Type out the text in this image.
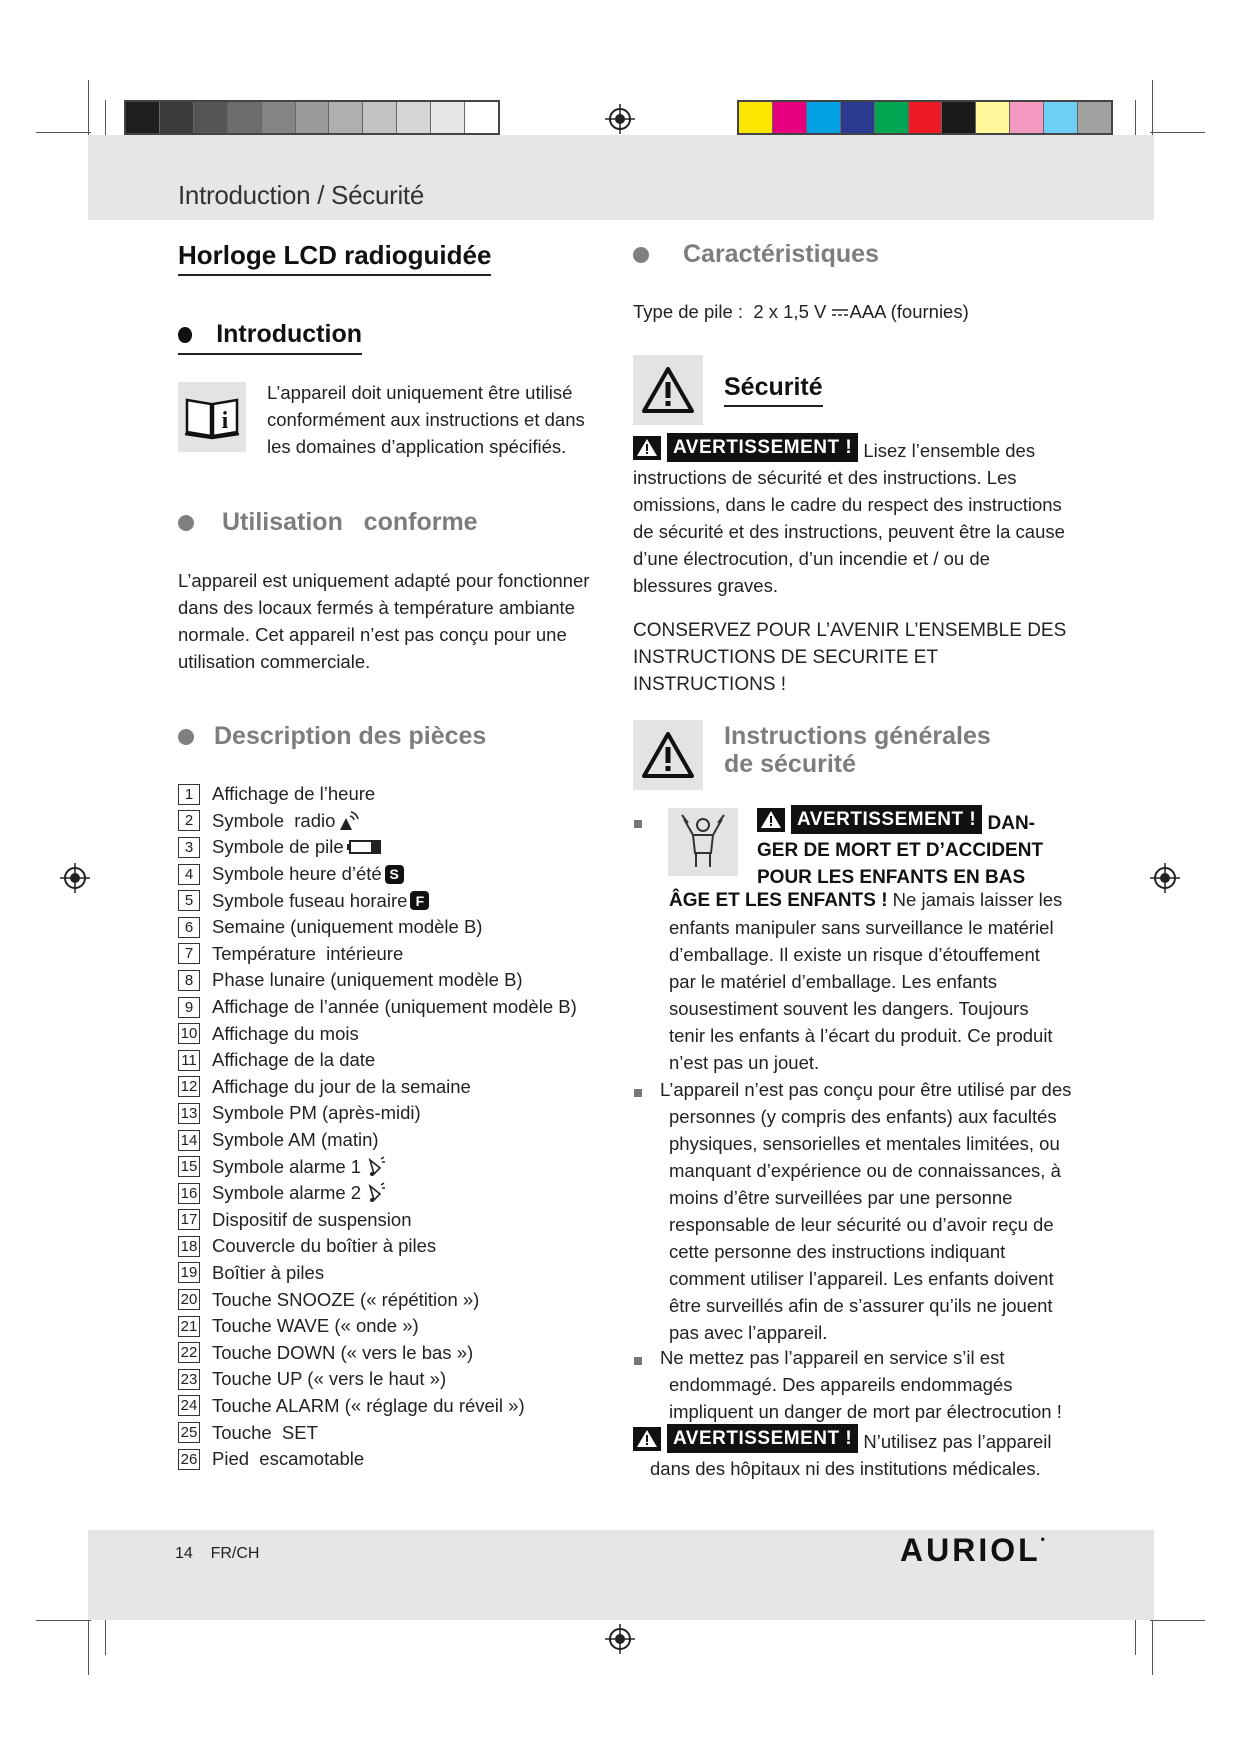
Introduction / Sécurité
Horloge LCD radioguidée
Introduction
i
L’appareil doit uniquement être utilisé conformément aux instructions et dans les domaines d’application spécifiés.
Utilisation   conforme
L’appareil est uniquement adapté pour fonctionner dans des locaux fermés à température ambiante normale. Cet appareil n’est pas conçu pour une utilisation commerciale.
Description des pièces
1	Affichage de l’heure
2	Symbole  radio
3	Symbole de pile
4	Symbole heure d’été S
5	Symbole fuseau horaire F
6	Semaine (uniquement modèle B)
7	Température  intérieure
8	Phase lunaire (uniquement modèle B)
9	Affichage de l’année (uniquement modèle B)
10 Affichage du mois
11 Affichage de la date
12 Affichage du jour de la semaine
13 Symbole PM (après-midi)
14 Symbole AM (matin)
15 Symbole alarme 1
16 Symbole alarme 2
17 Dispositif de suspension
18 Couvercle du boîtier à piles
19 Boîtier à piles
20 Touche SNOOZE (« répétition »)
21 Touche WAVE (« onde »)
22 Touche DOWN (« vers le bas »)
23 Touche UP (« vers le haut »)
24 Touche ALARM (« réglage du réveil »)
25 Touche  SET
26 Pied  escamotable
Caractéristiques
Type de pile : 2 x 1,5 V AAA (fournies)
Sécurité
AVERTISSEMENT ! Lisez l’ensemble des instructions de sécurité et des instructions. Les omissions, dans le cadre du respect des instructions de sécurité et des instructions, peuvent être la cause d’une électrocution, d’un incendie et / ou de blessures graves.
CONSERVEZ POUR L’AVENIR L’ENSEMBLE DES
INSTRUCTIONS DE SECURITE ET INSTRUCTIONS !
Instructions générales
de sécurité
AVERTISSEMENT ! DAN-
GER DE MORT ET D’ACCIDENT
POUR LES ENFANTS EN BAS
ÂGE ET LES ENFANTS ! Ne jamais laisser les enfants manipuler sans surveillance le matériel d’emballage. Il existe un risque d’étouffement par le matériel d’emballage. Les enfants sousestiment souvent les dangers. Toujours tenir les enfants à l’écart du produit. Ce produit n’est pas un jouet.
L’appareil n’est pas conçu pour être utilisé par des personnes (y compris des enfants) aux facultés physiques, sensorielles et mentales limitées, ou manquant d’expérience ou de connaissances, à moins d’être surveillées par une personne responsable de leur sécurité ou d’avoir reçu de cette personne des instructions indiquant comment utiliser l’appareil. Les enfants doivent être surveillés afin de s’assurer qu’ils ne jouent pas avec l’appareil.
Ne mettez pas l’appareil en service s’il est endommagé. Des appareils endommagés impliquent un danger de mort par électrocution !
AVERTISSEMENT ! N’utilisez pas l’appareil
dans des hôpitaux ni des institutions médicales.
14 FR/CH	AURIOL•
